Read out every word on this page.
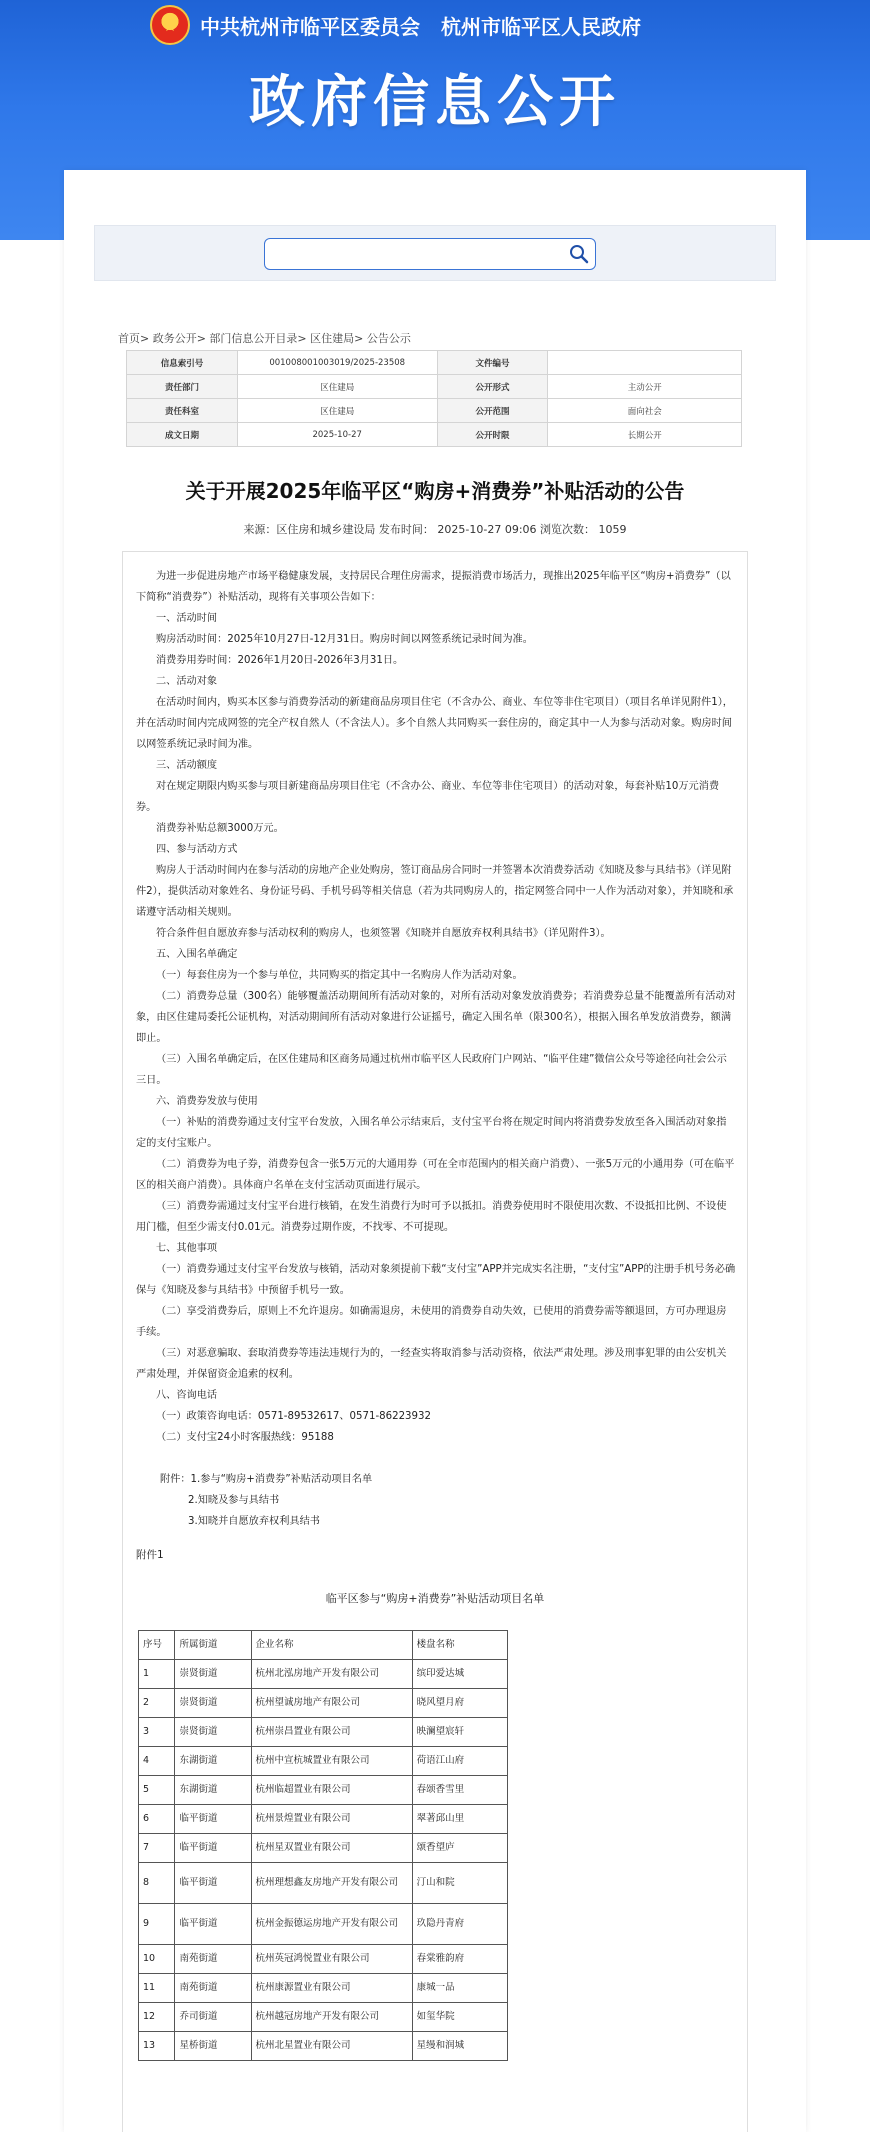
★	中共杭州市临平区委员会 杭州市临平区人民政府
政府信息公开
首页> 政务公开> 部门信息公开目录> 区住建局> 公告公示
信息索引号	001008001003019/2025-23508	文件编号	
责任部门	区住建局	公开形式	主动公开
责任科室	区住建局	公开范围	面向社会
成文日期	2025-10-27	公开时限	长期公开
关于开展2025年临平区“购房+消费券”补贴活动的公告
来源：区住房和城乡建设局 发布时间： 2025-10-27 09:06 浏览次数： 1059

为进一步促进房地产市场平稳健康发展，支持居民合理住房需求，提振消费市场活力，现推出2025年临平区“购房+消费券”（以下简称“消费券”）补贴活动，现将有关事项公告如下：

一、活动时间

购房活动时间：2025年10月27日-12月31日。购房时间以网签系统记录时间为准。

消费券用券时间：2026年1月20日-2026年3月31日。

二、活动对象

在活动时间内，购买本区参与消费券活动的新建商品房项目住宅（不含办公、商业、车位等非住宅项目）（项目名单详见附件1），并在活动时间内完成网签的完全产权自然人（不含法人）。多个自然人共同购买一套住房的，商定其中一人为参与活动对象。购房时间以网签系统记录时间为准。

三、活动额度

对在规定期限内购买参与项目新建商品房项目住宅（不含办公、商业、车位等非住宅项目）的活动对象，每套补贴10万元消费券。

消费券补贴总额3000万元。

四、参与活动方式

购房人于活动时间内在参与活动的房地产企业处购房，签订商品房合同时一并签署本次消费券活动《知晓及参与具结书》（详见附件2），提供活动对象姓名、身份证号码、手机号码等相关信息（若为共同购房人的，指定网签合同中一人作为活动对象），并知晓和承诺遵守活动相关规则。

符合条件但自愿放弃参与活动权利的购房人，也须签署《知晓并自愿放弃权利具结书》（详见附件3）。

五、入围名单确定

（一）每套住房为一个参与单位，共同购买的指定其中一名购房人作为活动对象。

（二）消费券总量（300名）能够覆盖活动期间所有活动对象的，对所有活动对象发放消费券；若消费券总量不能覆盖所有活动对象，由区住建局委托公证机构，对活动期间所有活动对象进行公证摇号，确定入围名单（限300名），根据入围名单发放消费券，额满即止。

（三）入围名单确定后，在区住建局和区商务局通过杭州市临平区人民政府门户网站、“临平住建”微信公众号等途径向社会公示三日。

六、消费券发放与使用

（一）补贴的消费券通过支付宝平台发放，入围名单公示结束后，支付宝平台将在规定时间内将消费券发放至各入围活动对象指定的支付宝账户。

（二）消费券为电子券，消费券包含一张5万元的大通用券（可在全市范围内的相关商户消费）、一张5万元的小通用券（可在临平区的相关商户消费）。具体商户名单在支付宝活动页面进行展示。

（三）消费券需通过支付宝平台进行核销，在发生消费行为时可予以抵扣。消费券使用时不限使用次数、不设抵扣比例、不设使用门槛，但至少需支付0.01元。消费券过期作废，不找零、不可提现。

七、其他事项

（一）消费券通过支付宝平台发放与核销，活动对象须提前下载“支付宝”APP并完成实名注册，“支付宝”APP的注册手机号务必确保与《知晓及参与具结书》中预留手机号一致。

（二）享受消费券后，原则上不允许退房。如确需退房，未使用的消费券自动失效，已使用的消费券需等额退回，方可办理退房手续。

（三）对恶意骗取、套取消费券等违法违规行为的，一经查实将取消参与活动资格，依法严肃处理。涉及刑事犯罪的由公安机关严肃处理，并保留资金追索的权利。

八、咨询电话

（一）政策咨询电话：0571-89532617、0571-86223932

（二）支付宝24小时客服热线：95188

附件：1.参与“购房+消费券”补贴活动项目名单

2.知晓及参与具结书

3.知晓并自愿放弃权利具结书

附件1
临平区参与“购房+消费券”补贴活动项目名单
序号	所属街道	企业名称	楼盘名称
1	崇贤街道	杭州北泓房地产开发有限公司	缤印爱达城
2	崇贤街道	杭州望诚房地产有限公司	晓风望月府
3	崇贤街道	杭州崇昌置业有限公司	映澜望宸轩
4	东湖街道	杭州中宣杭城置业有限公司	荷语江山府
5	东湖街道	杭州临超置业有限公司	春颂香雪里
6	临平街道	杭州景煌置业有限公司	翠著邱山里
7	临平街道	杭州星双置业有限公司	颂香望庐
8	临平街道	杭州理想鑫友房地产开发有限公司	汀山和院
9	临平街道	杭州金振德运房地产开发有限公司	玖隐丹青府
10	南苑街道	杭州英冠鸿悦置业有限公司	春棠雅韵府
11	南苑街道	杭州康源置业有限公司	康城一品
12	乔司街道	杭州越冠房地产开发有限公司	如玺华院
13	星桥街道	杭州北星置业有限公司	星缦和润城
